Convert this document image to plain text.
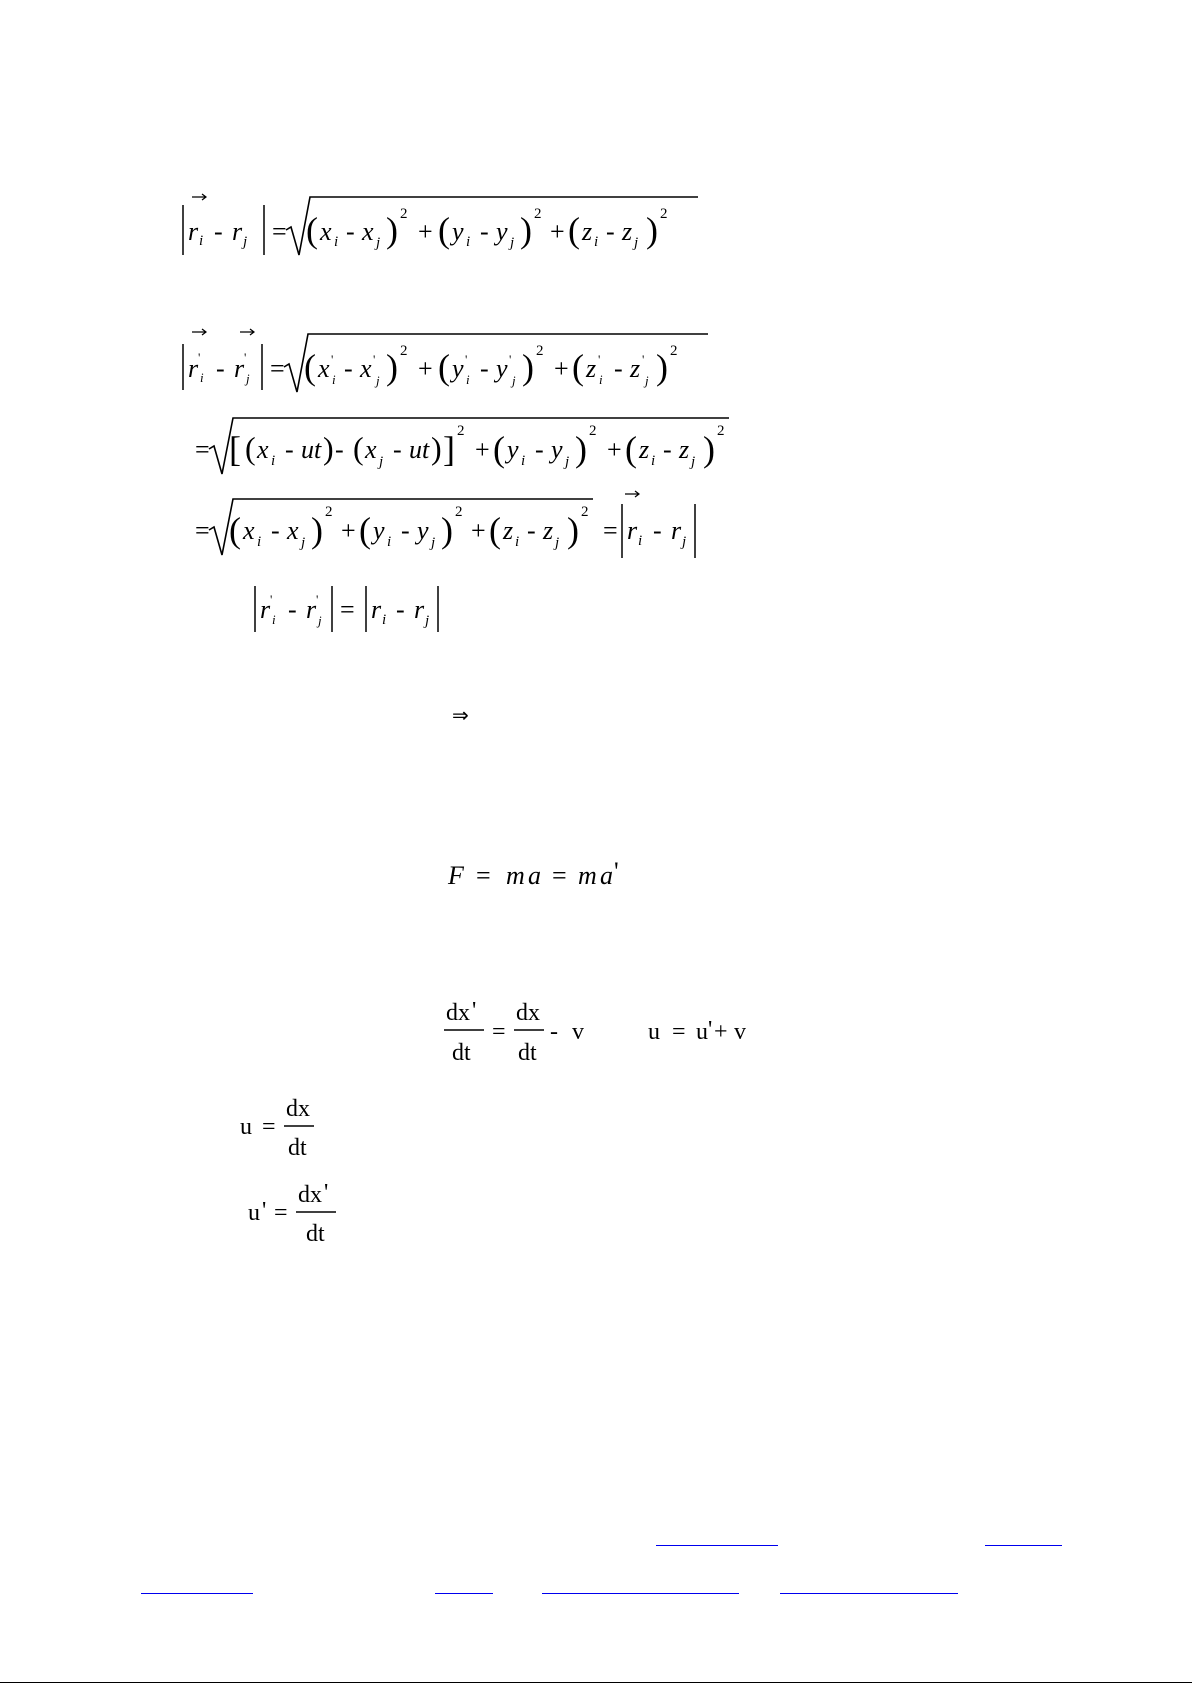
r i - r j = ( x i - x j ) 2
+ ( y i - y j ) 2
+ ( z i - z j ) 2
r '
i - r '
j = ( x '
i - x '
j ) 2
+ ( y '
i - y '
j ) 2
+ ( z '
i - z '
j ) 2
= [ ( x i - ut ) - ( x j - ut ) ] 2
+ ( y i - y j ) 2
+ ( z i - z j ) 2
= ( x i - x j ) 2
+ ( y i - y j ) 2
+ ( z i - z j ) 2
= r i - r j
r '
i - r '
j = r i - r j
⇒
F = m a = m a '
dx '
dt
=
dx
dt
- v	u = u ' + v
u =
dx
dt
u ' =
dx '
dt
